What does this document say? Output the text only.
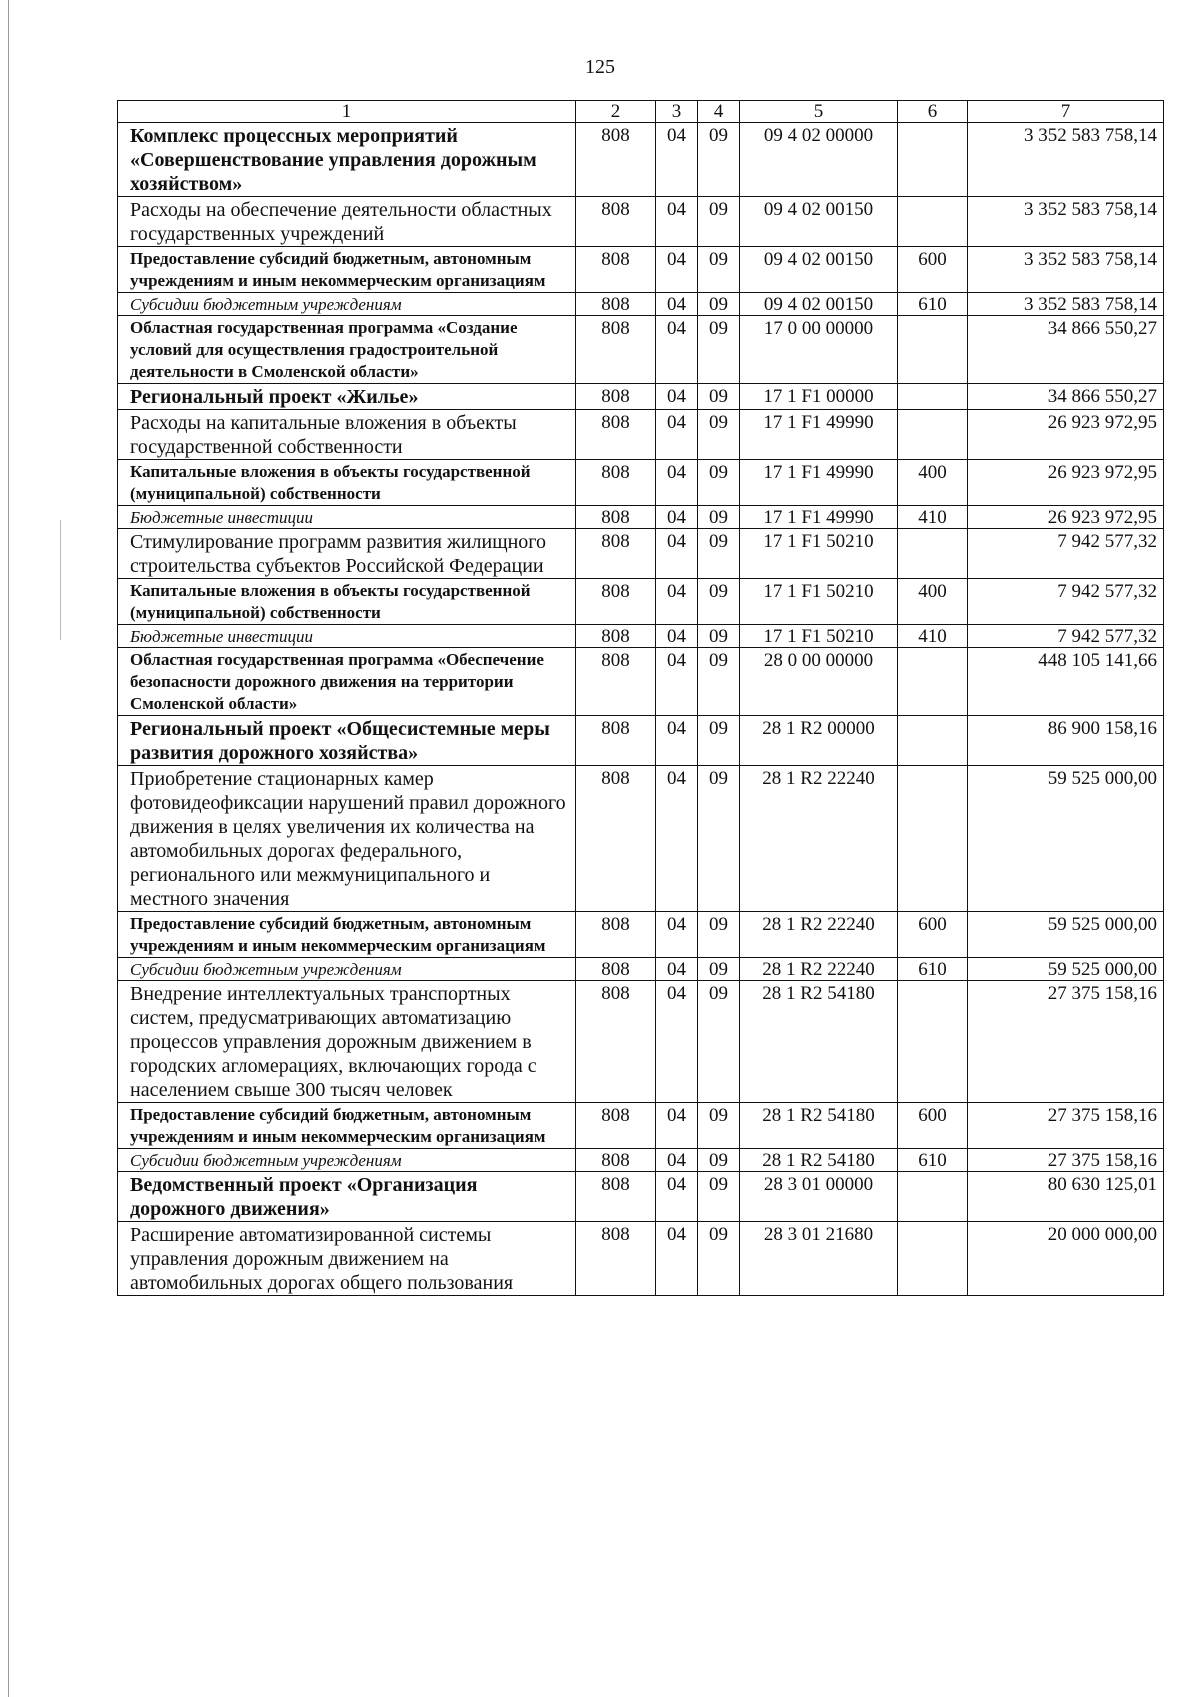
125
1	2	3	4	5	6	7
Комплекс процессных мероприятий «Совершенствование управления дорожным хозяйством»	808	04	09	09 4 02 00000		3 352 583 758,14
Расходы на обеспечение деятельности областных государственных учреждений	808	04	09	09 4 02 00150		3 352 583 758,14
Предоставление субсидий бюджетным, автономным учреждениям и иным некоммерческим организациям	808	04	09	09 4 02 00150	600	3 352 583 758,14
Субсидии бюджетным учреждениям	808	04	09	09 4 02 00150	610	3 352 583 758,14
Областная государственная программа «Создание условий для осуществления градостроительной деятельности в Смоленской области»	808	04	09	17 0 00 00000		34 866 550,27
Региональный проект «Жилье»	808	04	09	17 1 F1 00000		34 866 550,27
Расходы на капитальные вложения в объекты государственной собственности	808	04	09	17 1 F1 49990		26 923 972,95
Капитальные вложения в объекты государственной (муниципальной) собственности	808	04	09	17 1 F1 49990	400	26 923 972,95
Бюджетные инвестиции	808	04	09	17 1 F1 49990	410	26 923 972,95
Стимулирование программ развития жилищного строительства субъектов Российской Федерации	808	04	09	17 1 F1 50210		7 942 577,32
Капитальные вложения в объекты государственной (муниципальной) собственности	808	04	09	17 1 F1 50210	400	7 942 577,32
Бюджетные инвестиции	808	04	09	17 1 F1 50210	410	7 942 577,32
Областная государственная программа «Обеспечение безопасности дорожного движения на территории Смоленской области»	808	04	09	28 0 00 00000		448 105 141,66
Региональный проект «Общесистемные меры развития дорожного хозяйства»	808	04	09	28 1 R2 00000		86 900 158,16
Приобретение стационарных камер фотовидеофиксации нарушений правил дорожного движения в целях увеличения их количества на автомобильных дорогах федерального, регионального или межмуниципального и местного значения	808	04	09	28 1 R2 22240		59 525 000,00
Предоставление субсидий бюджетным, автономным учреждениям и иным некоммерческим организациям	808	04	09	28 1 R2 22240	600	59 525 000,00
Субсидии бюджетным учреждениям	808	04	09	28 1 R2 22240	610	59 525 000,00
Внедрение интеллектуальных транспортных систем, предусматривающих автоматизацию процессов управления дорожным движением в городских агломерациях, включающих города с населением свыше 300 тысяч человек	808	04	09	28 1 R2 54180		27 375 158,16
Предоставление субсидий бюджетным, автономным учреждениям и иным некоммерческим организациям	808	04	09	28 1 R2 54180	600	27 375 158,16
Субсидии бюджетным учреждениям	808	04	09	28 1 R2 54180	610	27 375 158,16
Ведомственный проект «Организация дорожного движения»	808	04	09	28 3 01 00000		80 630 125,01
Расширение автоматизированной системы управления дорожным движением на автомобильных дорогах общего пользования	808	04	09	28 3 01 21680		20 000 000,00
